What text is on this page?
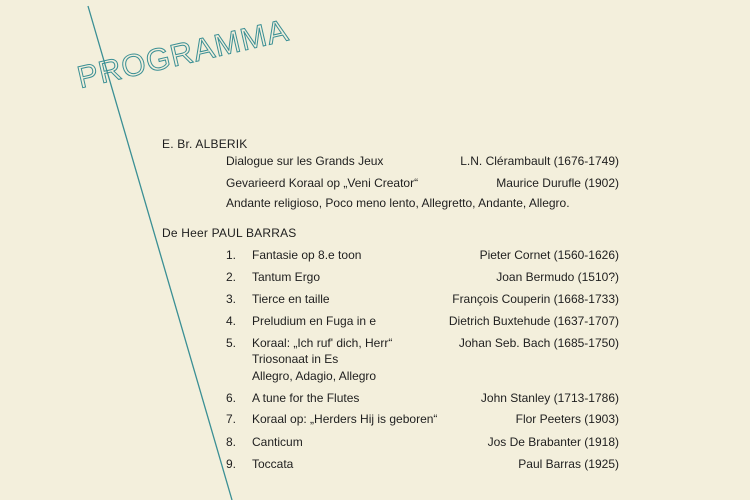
PROGRAMMA
E. Br. ALBERIK
Dialogue sur les Grands Jeux	L.N. Clérambault (1676-1749)
Gevarieerd Koraal op „Veni Creator“	Maurice Durufle (1902)
Andante religioso, Poco meno lento, Allegretto, Andante, Allegro.
De Heer PAUL BARRAS
1. Fantasie op 8.e toon	Pieter Cornet (1560-1626)
2. Tantum Ergo	Joan Bermudo (1510?)
3. Tierce en taille	François Couperin (1668-1733)
4. Preludium en Fuga in e	Dietrich Buxtehude (1637-1707)
5. Koraal: „Ich ruf' dich, Herr“	Johan Seb. Bach (1685-1750)
Triosonaat in Es
Allegro, Adagio, Allegro
6. A tune for the Flutes	John Stanley (1713-1786)
7. Koraal op: „Herders Hij is geboren“	Flor Peeters (1903)
8. Canticum	Jos De Brabanter (1918)
9. Toccata	Paul Barras (1925)
